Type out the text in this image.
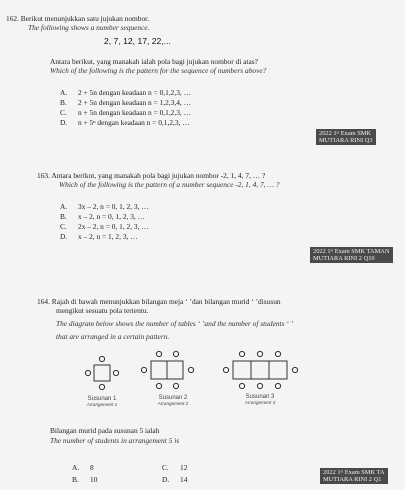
162. Berikut menunjukkan satu jujukan nombor.
The following shows a number sequence.
2, 7, 12, 17, 22,...
Antara berikut, yang manakah ialah pola bagi jujukan nombor di atas?
Which of the following is the pattern for the sequence of numbers above?
A. 2 + 5n dengan keadaan n = 0,1,2,3, …
B. 2 + 5n dengan keadaan n = 1,2,3,4, …
C. n + 5n dengan keadaan n = 0,1,2,3, …
D. n + 5ⁿ dengan keadaan n = 0,1,2,3, …
2022 1ˢᵗ Exam SMK
MUTIARA RINI Q3
163. Antara berikut, yang manakah pola bagi jujukan nombor -2, 1, 4, 7, … ?
Which of the following is the pattern of a number sequence -2, 1, 4, 7, … ?
A. 3x – 2, n = 0, 1, 2, 3, …
B. x – 2, n = 0, 1, 2, 3, …
C. 2x – 2, n = 0, 1, 2, 3, …
D. x – 2, n = 1, 2, 3, …
2022 1ˢᵗ Exam SMK TAMAN
MUTIARA RINI 2 Q10
164. Rajah di bawah menunjukkan bilangan meja ‘ ’dan bilangan murid ‘ ’disusun
mengikut sesuatu pola tertentu.
The diagram below shows the number of tables ‘ ’and the number of students ‘ ’
that are arranged in a certain pattern.
Susunan 1
Arrangement 1
Susunan 2
Arrangement 2
Susunan 3
Arrangement 3
Bilangan murid pada susunan 5 ialah
The number of students in arrangement 5 is
A. 8
B. 10
C. 12
D. 14
2022 1ˢᵗ Exam SMK TA
MUTIARA RINI 2 Q1
